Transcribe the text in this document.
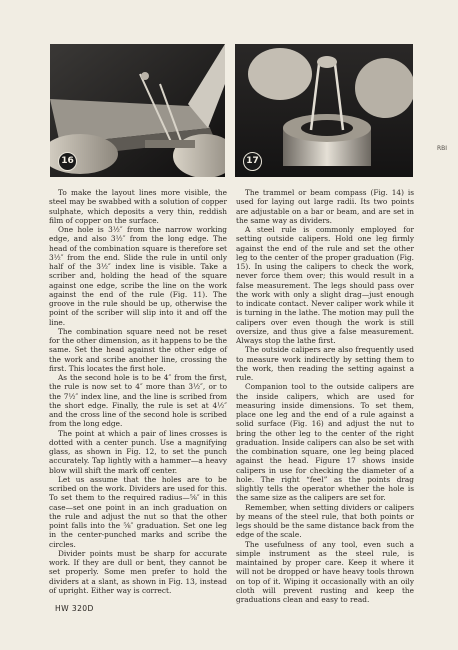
16	17
RBI

To make the layout lines more visible, the steel may be swabbed with a solution of copper sulphate, which deposits a very thin, reddish film of copper on the surface.

One hole is 3½″ from the narrow working edge, and also 3½″ from the long edge. The head of the combination square is therefore set 3½″ from the end. Slide the rule in until only half of the 3½″ index line is visible. Take a scriber and, holding the head of the square against one edge, scribe the line on the work against the end of the rule (Fig. 11). The groove in the rule should be up, otherwise the point of the scriber will slip into it and off the line.

The combination square need not be reset for the other dimension, as it happens to be the same. Set the head against the other edge of the work and scribe another line, crossing the first. This locates the first hole.

As the second hole is to be 4″ from the first, the rule is now set to 4″ more than 3½″, or to the 7½″ index line, and the line is scribed from the short edge. Finally, the rule is set at 4½″ and the cross line of the second hole is scribed from the long edge.

The point at which a pair of lines crosses is dotted with a center punch. Use a magnifying glass, as shown in Fig. 12, to set the punch accurately. Tap lightly with a hammer—a heavy blow will shift the mark off center.

Let us assume that the holes are to be scribed on the work. Dividers are used for this. To set them to the required radius—⅝″ in this case—set one point in an inch graduation on the rule and adjust the nut so that the other point falls into the ⅝″ graduation. Set one leg in the center-punched marks and scribe the circles.

Divider points must be sharp for accurate work. If they are dull or bent, they cannot be set properly. Some men prefer to hold the dividers at a slant, as shown in Fig. 13, instead of upright. Either way is correct.

The trammel or beam compass (Fig. 14) is used for laying out large radii. Its two points are adjustable on a bar or beam, and are set in the same way as dividers.

A steel rule is commonly employed for setting outside calipers. Hold one leg firmly against the end of the rule and set the other leg to the center of the proper graduation (Fig. 15). In using the calipers to check the work, never force them over; this would result in a false measurement. The legs should pass over the work with only a slight drag—just enough to indicate contact. Never caliper work while it is turning in the lathe. The motion may pull the calipers over even though the work is still oversize, and thus give a false measurement. Always stop the lathe first.

The outside calipers are also frequently used to measure work indirectly by setting them to the work, then reading the setting against a rule.

Companion tool to the outside calipers are the inside calipers, which are used for measuring inside dimensions. To set them, place one leg and the end of a rule against a solid surface (Fig. 16) and adjust the nut to bring the other leg to the center of the right graduation. Inside calipers can also be set with the combination square, one leg being placed against the head. Figure 17 shows inside calipers in use for checking the diameter of a hole. The right “feel” as the points drag slightly tells the operator whether the hole is the same size as the calipers are set for.

Remember, when setting dividers or calipers by means of the steel rule, that both points or legs should be the same distance back from the edge of the scale.

The usefulness of any tool, even such a simple instrument as the steel rule, is maintained by proper care. Keep it where it will not be dropped or have heavy tools thrown on top of it. Wiping it occasionally with an oily cloth will prevent rusting and keep the graduations clean and easy to read.

HW 320D
